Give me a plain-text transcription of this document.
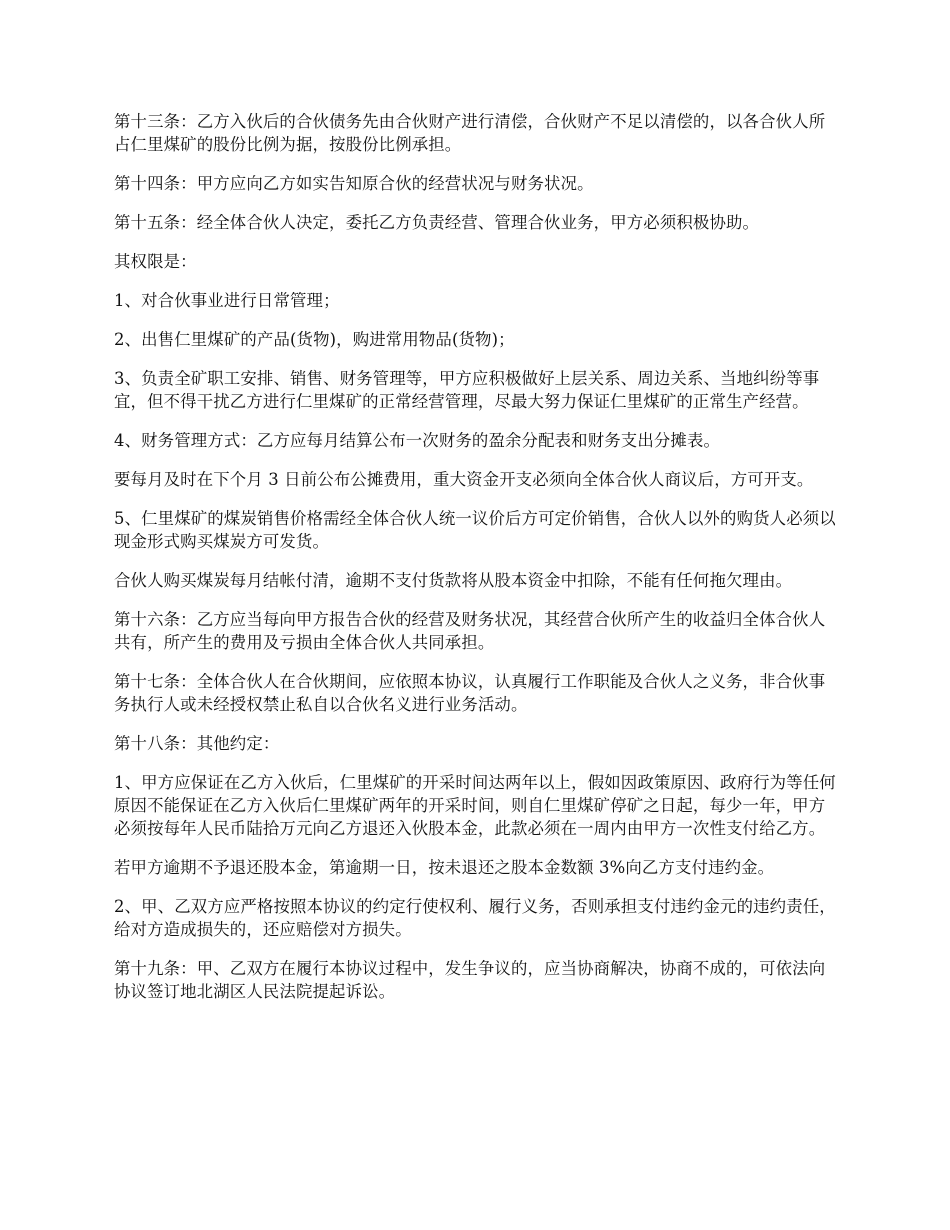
第十三条：乙方入伙后的合伙债务先由合伙财产进行清偿，合伙财产不足以清偿的，以各合伙人所占仁里煤矿的股份比例为据，按股份比例承担。

第十四条：甲方应向乙方如实告知原合伙的经营状况与财务状况。

第十五条：经全体合伙人决定，委托乙方负责经营、管理合伙业务，甲方必须积极协助。

其权限是：

1、对合伙事业进行日常管理；

2、出售仁里煤矿的产品(货物)，购进常用物品(货物)；

3、负责全矿职工安排、销售、财务管理等，甲方应积极做好上层关系、周边关系、当地纠纷等事宜，但不得干扰乙方进行仁里煤矿的正常经营管理，尽最大努力保证仁里煤矿的正常生产经营。

4、财务管理方式：乙方应每月结算公布一次财务的盈余分配表和财务支出分摊表。

要每月及时在下个月 3 日前公布公摊费用，重大资金开支必须向全体合伙人商议后，方可开支。

5、仁里煤矿的煤炭销售价格需经全体合伙人统一议价后方可定价销售，合伙人以外的购货人必须以现金形式购买煤炭方可发货。

合伙人购买煤炭每月结帐付清，逾期不支付货款将从股本资金中扣除，不能有任何拖欠理由。

第十六条：乙方应当每向甲方报告合伙的经营及财务状况，其经营合伙所产生的收益归全体合伙人共有，所产生的费用及亏损由全体合伙人共同承担。

第十七条：全体合伙人在合伙期间，应依照本协议，认真履行工作职能及合伙人之义务，非合伙事务执行人或未经授权禁止私自以合伙名义进行业务活动。

第十八条：其他约定：

1、甲方应保证在乙方入伙后，仁里煤矿的开采时间达两年以上，假如因政策原因、政府行为等任何原因不能保证在乙方入伙后仁里煤矿两年的开采时间，则自仁里煤矿停矿之日起，每少一年，甲方必须按每年人民币陆拾万元向乙方退还入伙股本金，此款必须在一周内由甲方一次性支付给乙方。

若甲方逾期不予退还股本金，第逾期一日，按未退还之股本金数额 3%向乙方支付违约金。

2、甲、乙双方应严格按照本协议的约定行使权利、履行义务，否则承担支付违约金元的违约责任，给对方造成损失的，还应赔偿对方损失。

第十九条：甲、乙双方在履行本协议过程中，发生争议的，应当协商解决，协商不成的，可依法向协议签订地北湖区人民法院提起诉讼。
